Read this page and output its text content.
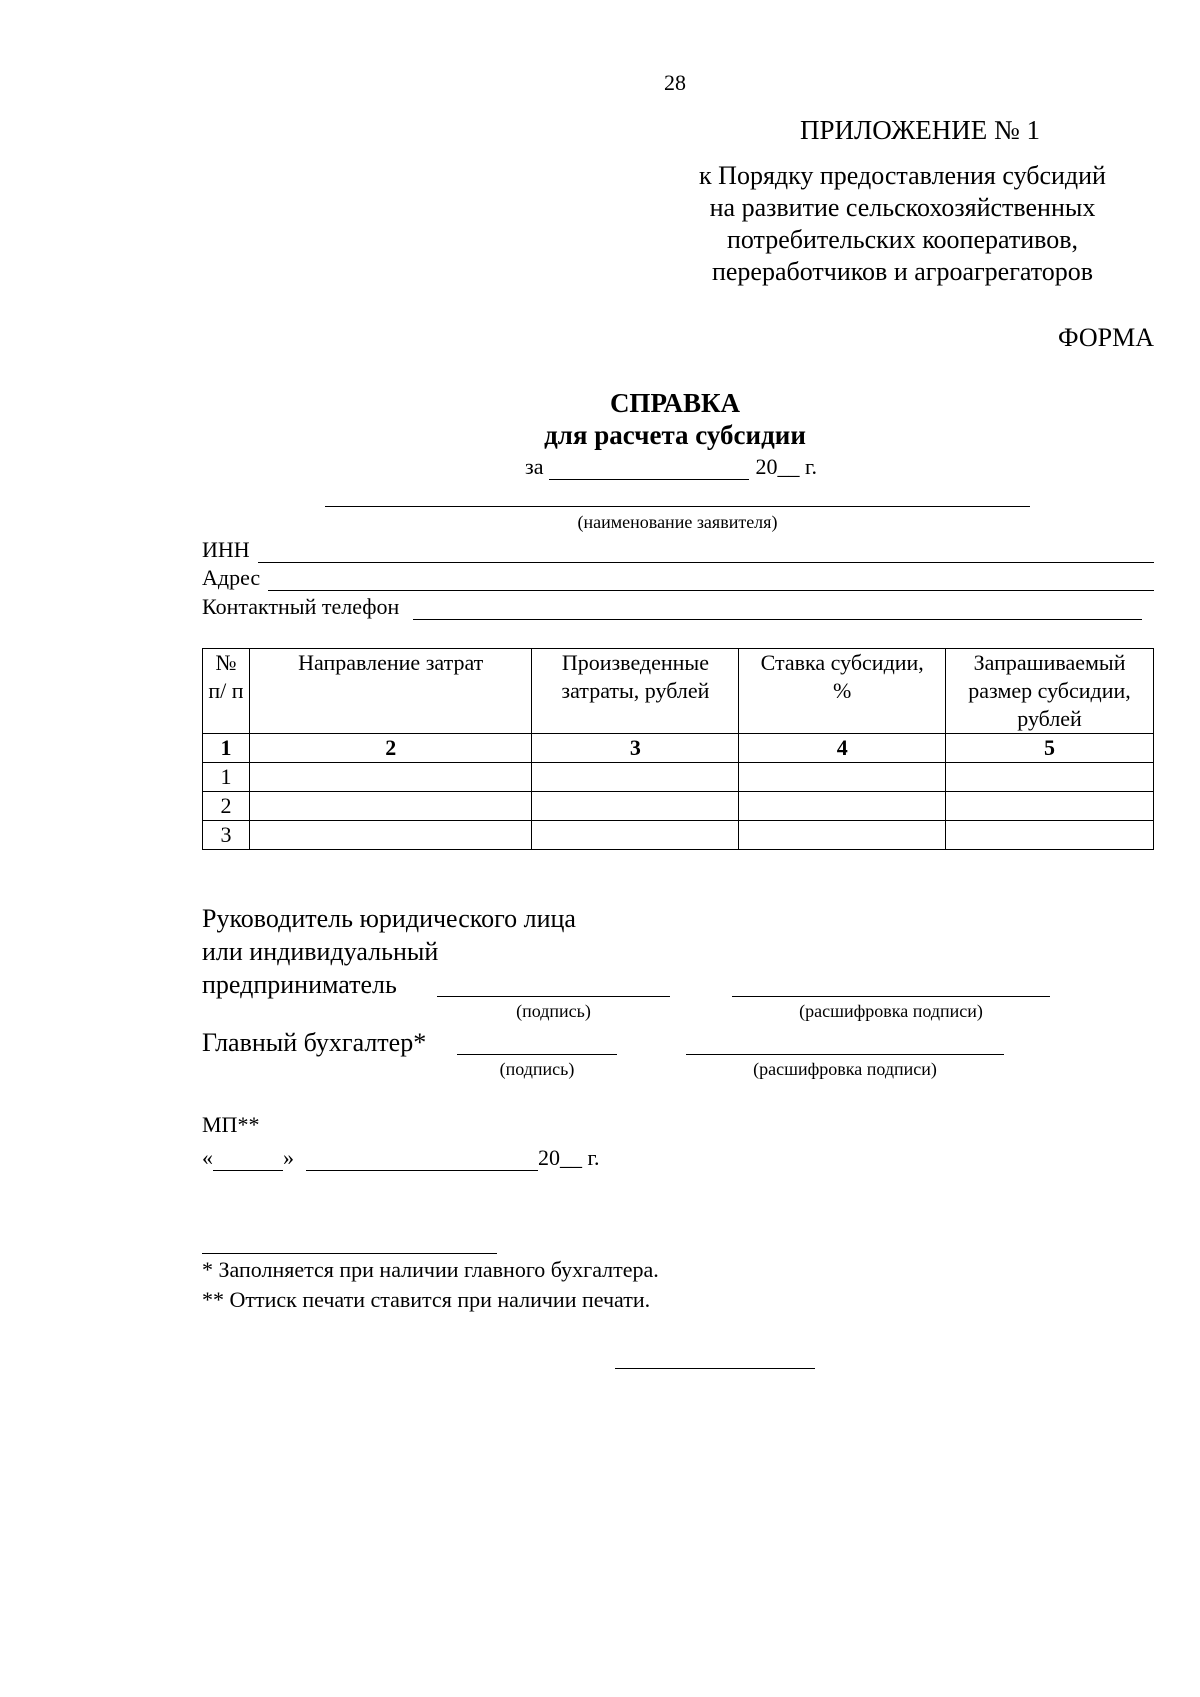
28
ПРИЛОЖЕНИЕ № 1
к Порядку предоставления субсидий
на развитие сельскохозяйственных
потребительских кооперативов,
переработчиков и агроагрегаторов
ФОРМА
СПРАВКА
для расчета субсидии
за	20__ г.
(наименование заявителя)
ИНН
Адрес
Контактный телефон
№ п/ п	Направление затрат	Произведенные затраты, рублей	Ставка субсидии, %	Запрашиваемый размер субсидии, рублей
1	2	3	4	5
1				
2				
3				
Руководитель юридического лица
или индивидуальный
предприниматель
(подпись)	(расшифровка подписи)
Главный бухгалтер*
(подпись)	(расшифровка подписи)
МП**
«	»	20__ г.
* Заполняется при наличии главного бухгалтера.
** Оттиск печати ставится при наличии печати.
